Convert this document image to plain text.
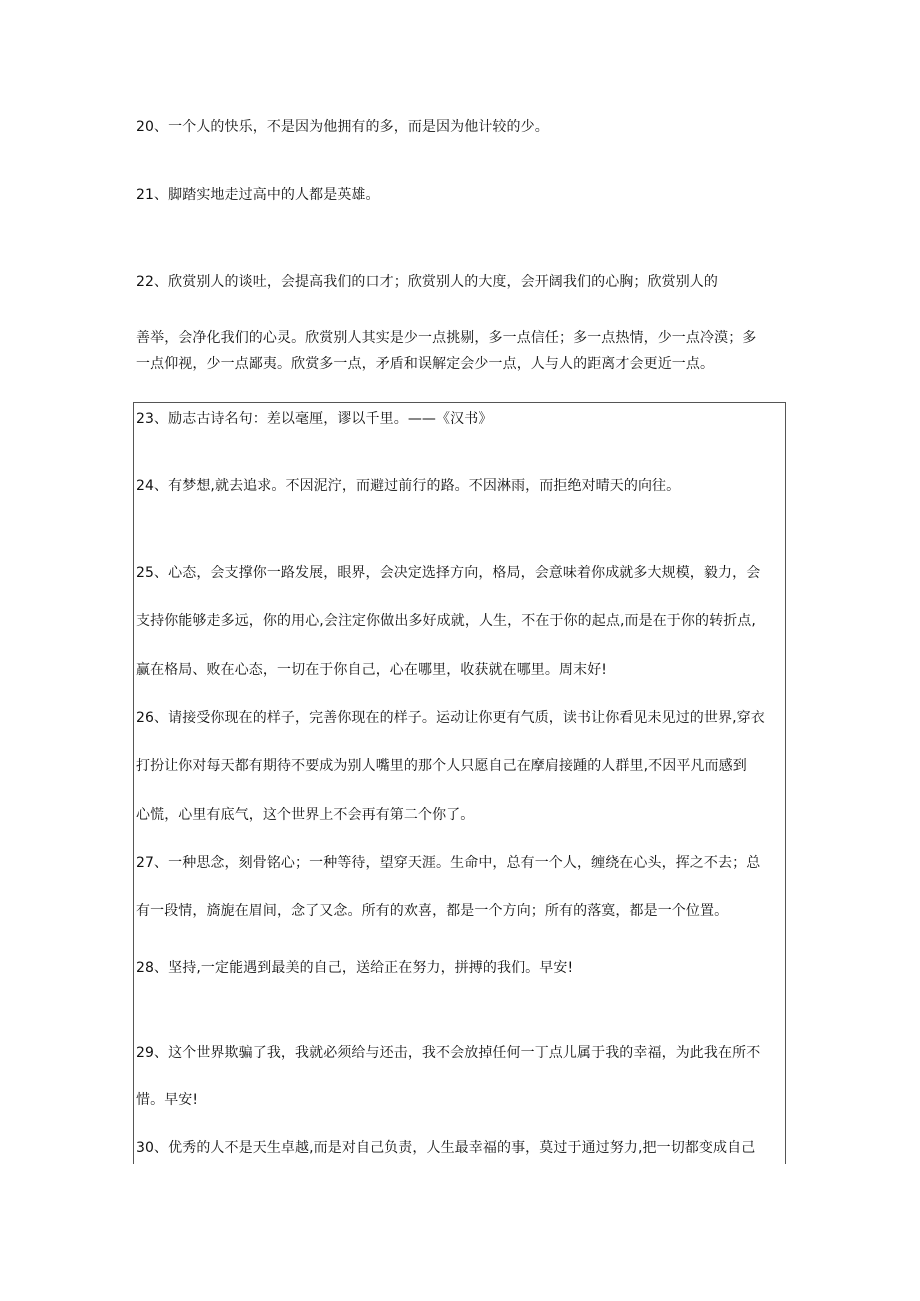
20、一个人的快乐，不是因为他拥有的多，而是因为他计较的少。
21、脚踏实地走过高中的人都是英雄。
22、欣赏别人的谈吐，会提高我们的口才；欣赏别人的大度，会开阔我们的心胸；欣赏别人的
善举，会净化我们的心灵。欣赏别人其实是少一点挑剔，多一点信任；多一点热情，少一点冷漠；多
一点仰视，少一点鄙夷。欣赏多一点，矛盾和误解定会少一点，人与人的距离才会更近一点。
23、励志古诗名句：差以毫厘，谬以千里。——《汉书》
24、有梦想,就去追求。不因泥泞，而避过前行的路。不因淋雨，而拒绝对晴天的向往。
25、心态，会支撑你一路发展，眼界，会决定选择方向，格局，会意味着你成就多大规模，毅力，会
支持你能够走多远，你的用心,会注定你做出多好成就，人生，不在于你的起点,而是在于你的转折点,
赢在格局、败在心态，一切在于你自己，心在哪里，收获就在哪里。周末好!
26、请接受你现在的样子，完善你现在的样子。运动让你更有气质，读书让你看见未见过的世界,穿衣
打扮让你对每天都有期待不要成为别人嘴里的那个人只愿自己在摩肩接踵的人群里,不因平凡而感到
心慌，心里有底气，这个世界上不会再有第二个你了。
27、一种思念，刻骨铭心；一种等待，望穿天涯。生命中，总有一个人，缠绕在心头，挥之不去；总
有一段情，旖旎在眉间，念了又念。所有的欢喜，都是一个方向；所有的落寞，都是一个位置。
28、坚持,一定能遇到最美的自己，送给正在努力，拼搏的我们。早安!
29、这个世界欺骗了我，我就必须给与还击，我不会放掉任何一丁点儿属于我的幸福，为此我在所不
惜。早安!
30、优秀的人不是天生卓越,而是对自己负责，人生最幸福的事，莫过于通过努力,把一切都变成自己
